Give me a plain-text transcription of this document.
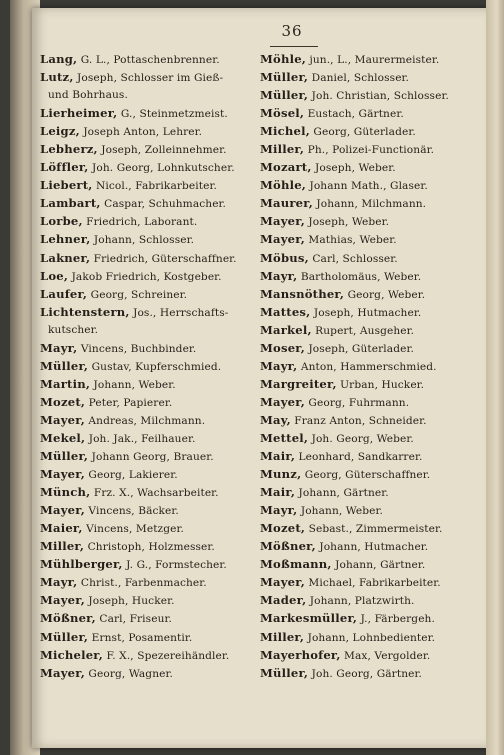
36
Lang, G. L., Pottaschenbrenner.
Lutz, Joseph, Schlosser im Gieß-
und Bohrhaus.
Lierheimer, G., Steinmetzmeist.
Leigz, Joseph Anton, Lehrer.
Lebherz, Joseph, Zolleinnehmer.
Löffler, Joh. Georg, Lohnkutscher.
Liebert, Nicol., Fabrikarbeiter.
Lambart, Caspar, Schuhmacher.
Lorbe, Friedrich, Laborant.
Lehner, Johann, Schlosser.
Lakner, Friedrich, Güterschaffner.
Loe, Jakob Friedrich, Kostgeber.
Laufer, Georg, Schreiner.
Lichtenstern, Jos., Herrschafts-
kutscher.
Mayr, Vincens, Buchbinder.
Müller, Gustav, Kupferschmied.
Martin, Johann, Weber.
Mozet, Peter, Papierer.
Mayer, Andreas, Milchmann.
Mekel, Joh. Jak., Feilhauer.
Müller, Johann Georg, Brauer.
Mayer, Georg, Lakierer.
Münch, Frz. X., Wachsarbeiter.
Mayer, Vincens, Bäcker.
Maier, Vincens, Metzger.
Miller, Christoph, Holzmesser.
Mühlberger, J. G., Formstecher.
Mayr, Christ., Farbenmacher.
Mayer, Joseph, Hucker.
Mößner, Carl, Friseur.
Müller, Ernst, Posamentir.
Micheler, F. X., Spezereihändler.
Mayer, Georg, Wagner.
Möhle, jun., L., Maurermeister.
Müller, Daniel, Schlosser.
Müller, Joh. Christian, Schlosser.
Mösel, Eustach, Gärtner.
Michel, Georg, Güterlader.
Miller, Ph., Polizei-Functionär.
Mozart, Joseph, Weber.
Möhle, Johann Math., Glaser.
Maurer, Johann, Milchmann.
Mayer, Joseph, Weber.
Mayer, Mathias, Weber.
Möbus, Carl, Schlosser.
Mayr, Bartholomäus, Weber.
Mansnöther, Georg, Weber.
Mattes, Joseph, Hutmacher.
Markel, Rupert, Ausgeher.
Moser, Joseph, Güterlader.
Mayr, Anton, Hammerschmied.
Margreiter, Urban, Hucker.
Mayer, Georg, Fuhrmann.
May, Franz Anton, Schneider.
Mettel, Joh. Georg, Weber.
Mair, Leonhard, Sandkarrer.
Munz, Georg, Güterschaffner.
Mair, Johann, Gärtner.
Mayr, Johann, Weber.
Mozet, Sebast., Zimmermeister.
Mößner, Johann, Hutmacher.
Moßmann, Johann, Gärtner.
Mayer, Michael, Fabrikarbeiter.
Mader, Johann, Platzwirth.
Markesmüller, J., Färbergeh.
Miller, Johann, Lohnbedienter.
Mayerhofer, Max, Vergolder.
Müller, Joh. Georg, Gärtner.
